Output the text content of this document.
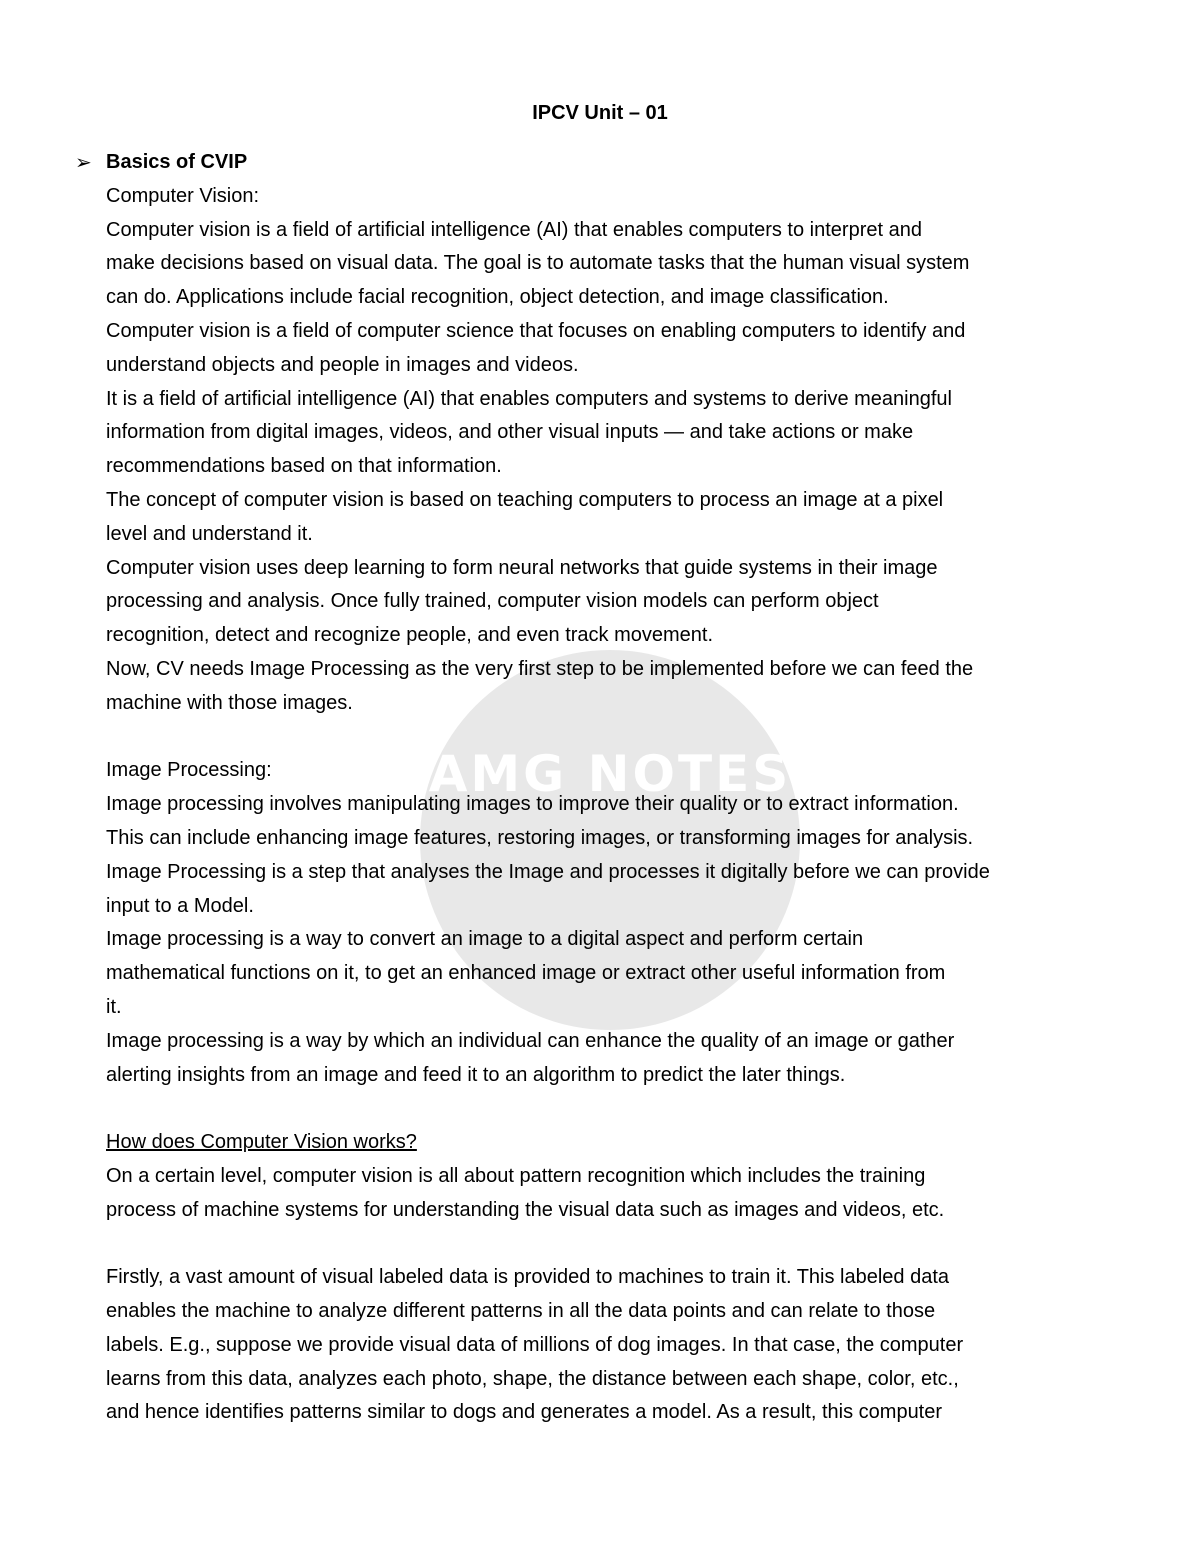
AMG NOTES
IPCV Unit – 01
➢ Basics of CVIP

Computer Vision:

Computer vision is a field of artificial intelligence (AI) that enables computers to interpret and

make decisions based on visual data. The goal is to automate tasks that the human visual system

can do. Applications include facial recognition, object detection, and image classification.

Computer vision is a field of computer science that focuses on enabling computers to identify and

understand objects and people in images and videos.

It is a field of artificial intelligence (AI) that enables computers and systems to derive meaningful

information from digital images, videos, and other visual inputs — and take actions or make

recommendations based on that information.

The concept of computer vision is based on teaching computers to process an image at a pixel

level and understand it.

Computer vision uses deep learning to form neural networks that guide systems in their image

processing and analysis. Once fully trained, computer vision models can perform object

recognition, detect and recognize people, and even track movement.

Now, CV needs Image Processing as the very first step to be implemented before we can feed the

machine with those images.

Image Processing:

Image processing involves manipulating images to improve their quality or to extract information.

This can include enhancing image features, restoring images, or transforming images for analysis.

Image Processing is a step that analyses the Image and processes it digitally before we can provide

input to a Model.

Image processing is a way to convert an image to a digital aspect and perform certain

mathematical functions on it, to get an enhanced image or extract other useful information from

it.

Image processing is a way by which an individual can enhance the quality of an image or gather

alerting insights from an image and feed it to an algorithm to predict the later things.

How does Computer Vision works?

On a certain level, computer vision is all about pattern recognition which includes the training

process of machine systems for understanding the visual data such as images and videos, etc.

Firstly, a vast amount of visual labeled data is provided to machines to train it. This labeled data

enables the machine to analyze different patterns in all the data points and can relate to those

labels. E.g., suppose we provide visual data of millions of dog images. In that case, the computer

learns from this data, analyzes each photo, shape, the distance between each shape, color, etc.,

and hence identifies patterns similar to dogs and generates a model. As a result, this computer
